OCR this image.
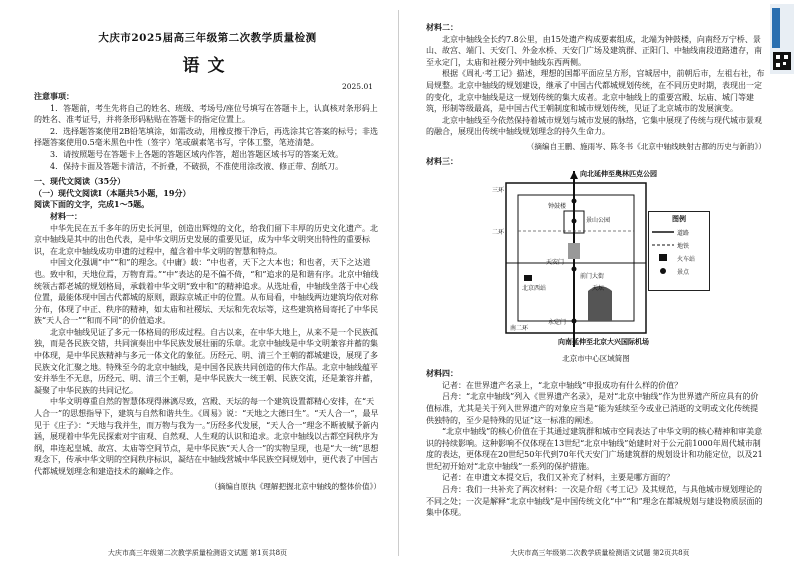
大庆市2025届高三年级第二次教学质量检测

语文

2025.01

注意事项：

1．答题前，考生先将自己的姓名、班级、考场号/座位号填写在答题卡上，认真核对条形码上的姓名、准考证号，并将条形码粘贴在答题卡的指定位置上。

2．选择题答案使用2B铅笔填涂，如需改动，用橡皮擦干净后，再选涂其它答案的标号；非选择题答案使用0.5毫米黑色中性（签字）笔或碳素笔书写，字体工整，笔迹清楚。

3．请按照题号在答题卡上各题的答题区域内作答，超出答题区域书写的答案无效。

4．保持卡面及答题卡清洁，不折叠，不破损，不准使用涂改液、修正带、刮纸刀。

一、现代文阅读（35分）

（一）现代文阅读Ⅰ（本题共5小题，19分）

阅读下面的文字，完成1～5题。

材料一：

中华先民在五千多年的历史长河里，创造出辉煌的文化，给我们留下丰厚的历史文化遗产。北京中轴线是其中的出色代表，是中华文明历史发展的重要见证，成为中华文明突出特性的重要标识，在北京中轴线成功申遗的过程中，蕴含着中华文明的智慧和特点。

中国文化强调“中”“和”的理念。《中庸》载：“中也者，天下之大本也；和也者，天下之达道也。致中和，天地位焉，万物育焉。”“中”表达的是不偏不倚，“和”追求的是和谐有序。北京中轴线统领古都老城的规划格局，承载着中华文明“致中和”的精神追求。从选址看，中轴线坐落于中心线位置，最能体现中国古代都城的原则，跟踪京城正中的位置。从布局看，中轴线两边建筑均依对称分布，体现了中正、秩序的精神，如太庙和社稷坛、天坛和先农坛等，这些建筑格局寄托了中华民族“天人合一”“和而不同”的价值追求。

北京中轴线见证了多元一体格局的形成过程。自古以来，在中华大地上，从来不是一个民族孤独，而是各民族交错，共同演奏出中华民族发展壮丽的乐章。北京中轴线是中华文明兼容并蓄的集中体现，是中华民族精神与多元一体文化的象征。历经元、明、清三个王朝的都城建设，展现了多民族文化汇聚之地。特殊至今的北京中轴线，是中国各民族共同创造的伟大作品。北京中轴线蕴平安并举生不无息，历经元、明、清三个王朝，是中华民族大一统王朝、民族交流，还是兼容并蓄，凝聚了中华民族的共同记忆。

中华文明尊重自然的智慧体现得淋漓尽致，宫殿、天坛的每一个建筑设置都精心安排，在“天人合一”的思想指导下，建筑与自然和谐共生。《周易》说：“天地之大德曰生”。“天人合一”，最早见于《庄子》：“天地与我并生，而万物与我为一。”历经多代发展，“天人合一”理念不断被赋予新内涵，展现着中华先民探索对宇宙观、自然观、人生观的认识和追求。北京中轴线以古都空间秩序为纲，串连起皇城、故宫、太庙等空间节点，是中华民族“天人合一”的实物呈现，也是“大一统”思想观念下，传承中华文明的空间秩序标识，凝结在中轴线营城中华民族空间规划中，更代表了中国古代都城规划理念和建造技术的巅峰之作。

（摘编自原执《理解把握北京中轴线的整体价值》）

大庆市高三年级第二次教学质量检测语文试题 第1页共8页

材料二：

北京中轴线全长约7.8公里，由15处遗产构成要素组成，北端为钟鼓楼，向南经万宁桥、景山、故宫、端门、天安门、外金水桥、天安门广场及建筑群、正阳门、中轴线南段道路遗存，南至永定门，太庙和社稷分列中轴线东西两侧。

根据《周礼·考工记》描述，理想的国都平面应呈方形，宫城居中，前朝后市，左祖右社，布局规整。北京中轴线的规划建设，继承了中国古代都城规划传统，在不同历史时期，表现出一定的变化，北京中轴线是这一规划传统的集大成者。北京中轴线上的重要宫殿、坛庙、城门等建筑，形制等级最高，是中国古代王朝制度和城市规划传统，见证了北京城市的发展演变。

北京中轴线至今依然保持着城市规划与城市发展的脉络，它集中展现了传统与现代城市景观的融合，展现出传统中轴线规划理念的持久生命力。

（摘编自王鹏、施雨岑、陈冬书《北京中轴线映射古都的历史与新韵》）

材料三：

向北延伸至奥林匹克公园
钟鼓楼
景山公园
天安门
前门大街
天坛
永定门
北京西站
二环
三环
南二环
向南延伸至北京大兴国际机场
图例
道路
地铁
火车站
景点

北京市中心区域简图

材料四：

记者：在世界遗产名录上，“北京中轴线”申报成功有什么样的价值？

吕舟：“北京中轴线”列入《世界遗产名录》，是对“北京中轴线”作为世界遗产所应具有的价值标准，尤其是关于列入世界遗产的对象应当是“能为延续至今或业已消逝的文明或文化传统提供独特的，至少是特殊的见证”这一标准的阐述。

“北京中轴线”的核心价值在于其通过建筑群和城市空间表达了中华文明的核心精神和审美意识的持续影响。这种影响不仅体现在13世纪“北京中轴线”始建时对于公元前1000年周代城市制度的表达，更体现在20世纪50年代到70年代天安门广场建筑群的规划设计和功能定位，以及21世纪初开始对“北京中轴线”一系列的保护措施。

记者：在申遗文本提交后，我们又补充了材料，主要是哪方面的？

吕舟：我们一共补充了两次材料：一次是介绍《考工记》及其规范，与具他城市规划理论的不同之处；一次是解释“北京中轴线”是中国传统文化“中”“和”理念在都城规划与建设物质层面的集中体现。

大庆市高三年级第二次教学质量检测语文试题 第2页共8页
